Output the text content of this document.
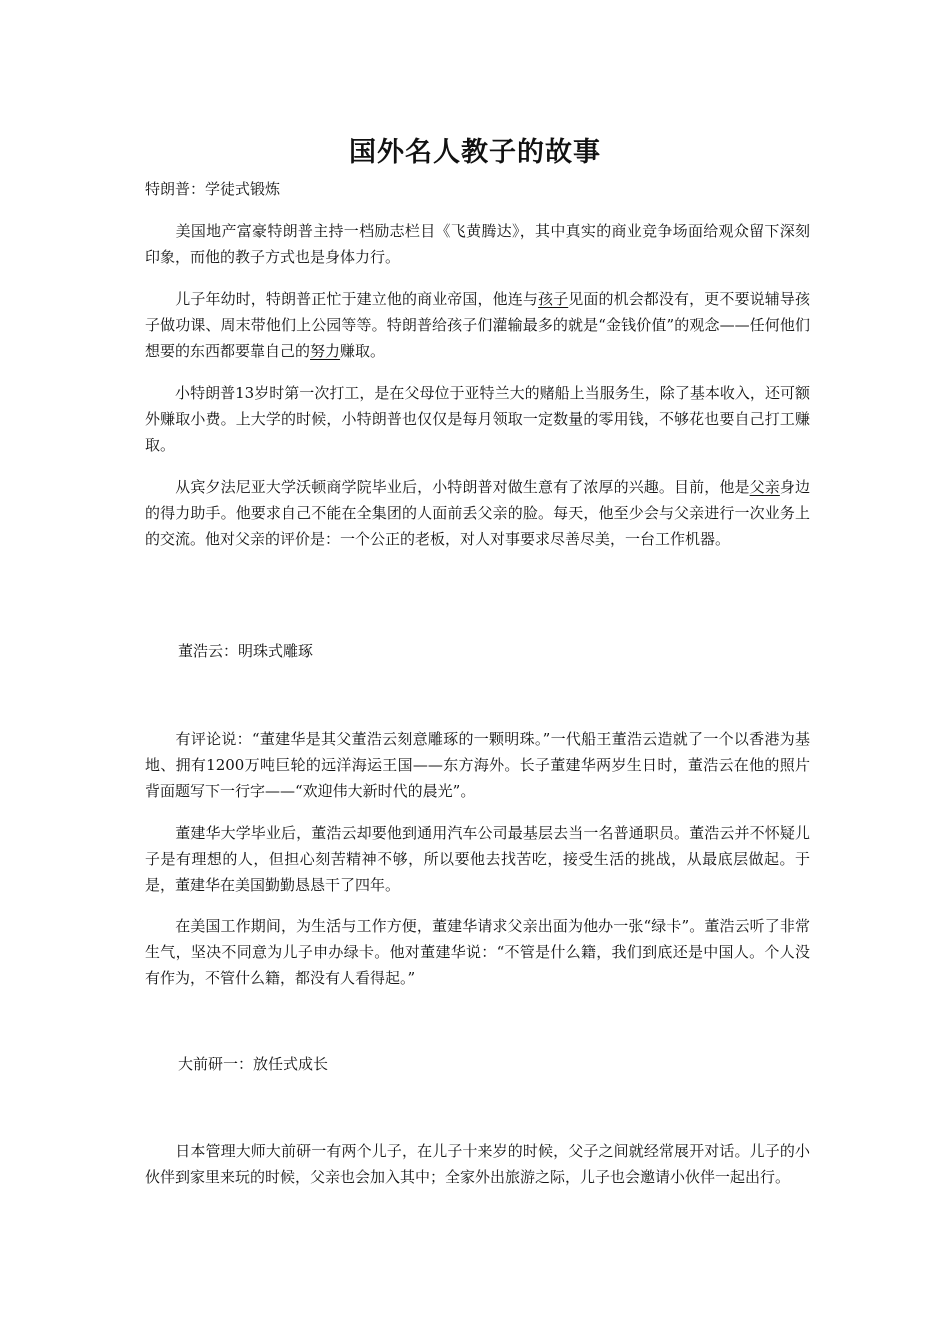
国外名人教子的故事

特朗普：学徒式锻炼

　　美国地产富豪特朗普主持一档励志栏目《飞黄腾达》，其中真实的商业竞争场面给观众留下深刻印象，而他的教子方式也是身体力行。

　　儿子年幼时，特朗普正忙于建立他的商业帝国，他连与孩子见面的机会都没有，更不要说辅导孩子做功课、周末带他们上公园等等。特朗普给孩子们灌输最多的就是“金钱价值”的观念——任何他们想要的东西都要靠自己的努力赚取。

　　小特朗普13岁时第一次打工，是在父母位于亚特兰大的赌船上当服务生，除了基本收入，还可额外赚取小费。上大学的时候，小特朗普也仅仅是每月领取一定数量的零用钱，不够花也要自己打工赚取。

　　从宾夕法尼亚大学沃顿商学院毕业后，小特朗普对做生意有了浓厚的兴趣。目前，他是父亲身边的得力助手。他要求自己不能在全集团的人面前丢父亲的脸。每天，他至少会与父亲进行一次业务上的交流。他对父亲的评价是：一个公正的老板，对人对事要求尽善尽美，一台工作机器。

董浩云：明珠式雕琢

　　有评论说：“董建华是其父董浩云刻意雕琢的一颗明珠。”一代船王董浩云造就了一个以香港为基地、拥有1200万吨巨轮的远洋海运王国——东方海外。长子董建华两岁生日时，董浩云在他的照片背面题写下一行字——“欢迎伟大新时代的晨光”。

　　董建华大学毕业后，董浩云却要他到通用汽车公司最基层去当一名普通职员。董浩云并不怀疑儿子是有理想的人，但担心刻苦精神不够，所以要他去找苦吃，接受生活的挑战，从最底层做起。于是，董建华在美国勤勤恳恳干了四年。

　　在美国工作期间，为生活与工作方便，董建华请求父亲出面为他办一张“绿卡”。董浩云听了非常生气，坚决不同意为儿子申办绿卡。他对董建华说：“不管是什么籍，我们到底还是中国人。个人没有作为，不管什么籍，都没有人看得起。”

大前研一：放任式成长

　　日本管理大师大前研一有两个儿子，在儿子十来岁的时候，父子之间就经常展开对话。儿子的小伙伴到家里来玩的时候，父亲也会加入其中；全家外出旅游之际，儿子也会邀请小伙伴一起出行。
